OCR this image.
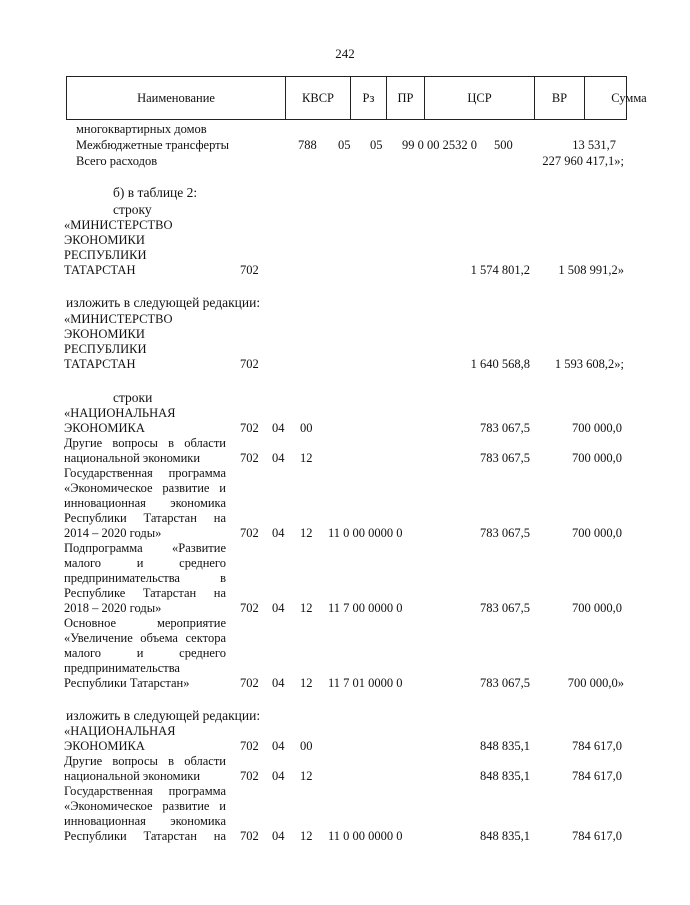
242
Наименование	КВСР	Рз	ПР	ЦСР	ВР	Сумма
многоквартирных домов
Межбюджетные трансферты	788 05 05 99 0 00 2532 0 500	13 531,7
Всего расходов	227 960 417,1»;
б) в таблице 2:
строку
«МИНИСТЕРСТВО
ЭКОНОМИКИ
РЕСПУБЛИКИ
ТАТАРСТАН	702	1 574 801,2	1 508 991,2»
изложить в следующей редакции:
«МИНИСТЕРСТВО
ЭКОНОМИКИ
РЕСПУБЛИКИ
ТАТАРСТАН	702	1 640 568,8	1 593 608,2»;
строки
«НАЦИОНАЛЬНАЯ
ЭКОНОМИКА	702 04 00	783 067,5	700 000,0
Другие вопросы в области
национальной экономики	702 04 12	783 067,5	700 000,0
Государственная программа
«Экономическое развитие и
инновационная экономика
Республики Татарстан на
2014 – 2020 годы»	702 04 12 11 0 00 0000 0	783 067,5	700 000,0
Подпрограмма «Развитие
малого и среднего
предпринимательства в
Республике Татарстан на
2018 – 2020 годы»	702 04 12 11 7 00 0000 0	783 067,5	700 000,0
Основное мероприятие
«Увеличение объема сектора
малого и среднего
предпринимательства
Республики Татарстан»	702 04 12 11 7 01 0000 0	783 067,5	700 000,0»
изложить в следующей редакции:
«НАЦИОНАЛЬНАЯ
ЭКОНОМИКА	702 04 00	848 835,1	784 617,0
Другие вопросы в области
национальной экономики	702 04 12	848 835,1	784 617,0
Государственная программа
«Экономическое развитие и
инновационная экономика
Республики Татарстан на 702 04 12 11 0 00 0000 0	848 835,1	784 617,0
